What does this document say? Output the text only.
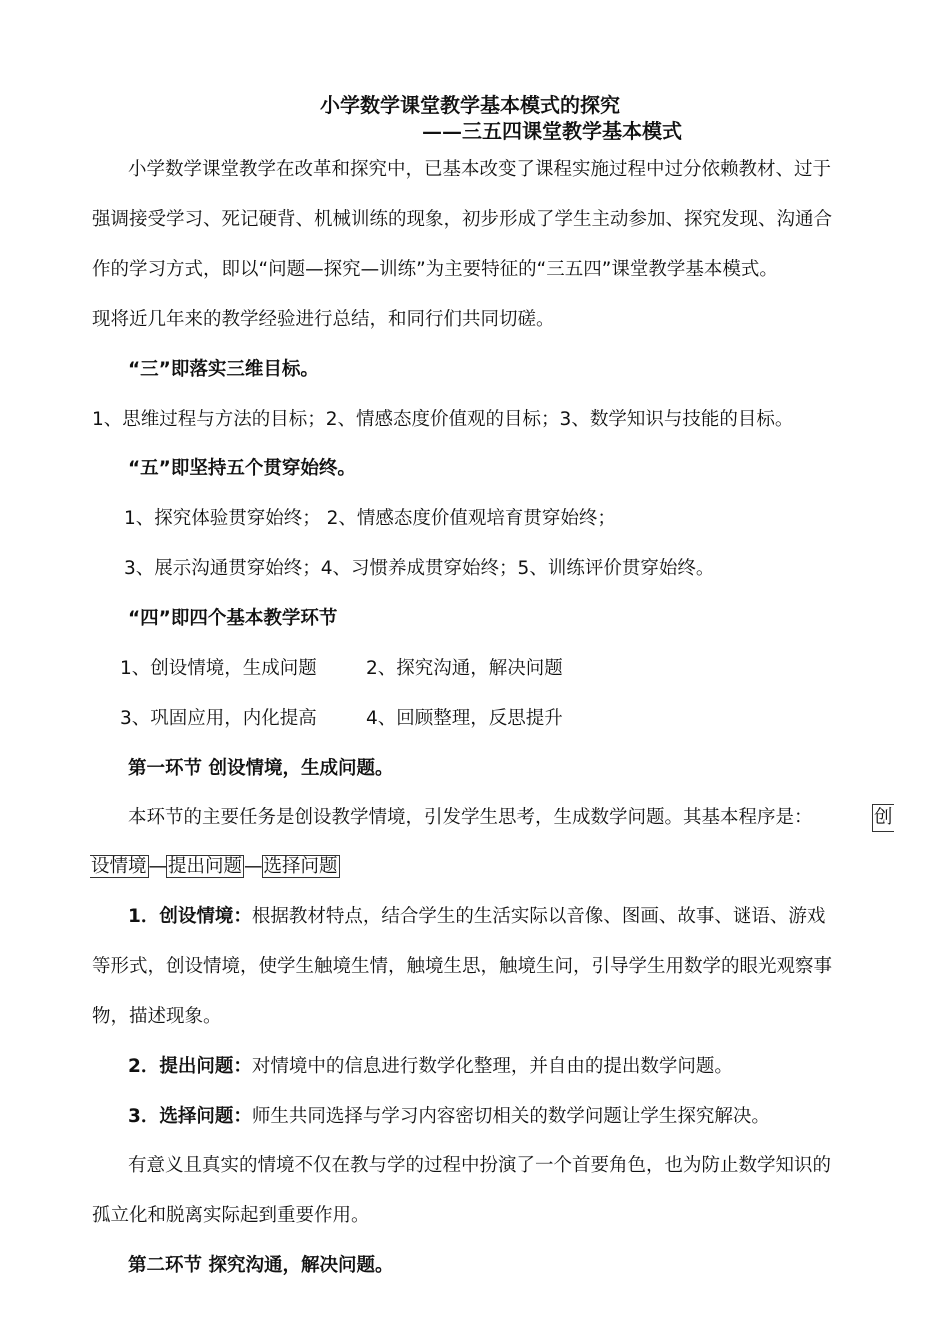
小学数学课堂教学基本模式的探究
——三五四课堂教学基本模式
小学数学课堂教学在改革和探究中，已基本改变了课程实施过程中过分依赖教材、过于
强调接受学习、死记硬背、机械训练的现象，初步形成了学生主动参加、探究发现、沟通合
作的学习方式，即以“问题—探究—训练”为主要特征的“三五四”课堂教学基本模式。
现将近几年来的教学经验进行总结，和同行们共同切磋。
“三”即落实三维目标。
1、思维过程与方法的目标；2、情感态度价值观的目标；3、数学知识与技能的目标。
“五”即坚持五个贯穿始终。
1、探究体验贯穿始终； 2、情感态度价值观培育贯穿始终；
3、展示沟通贯穿始终；4、习惯养成贯穿始终；5、训练评价贯穿始终。
“四”即四个基本教学环节
1、创设情境，生成问题	2、探究沟通，解决问题
3、巩固应用，内化提高	4、回顾整理，反思提升
第一环节 创设情境，生成问题。
本环节的主要任务是创设教学情境，引发学生思考，生成数学问题。其基本程序是：	创
设情境 — 提出问题 — 选择问题
1．创设情境：根据教材特点，结合学生的生活实际以音像、图画、故事、谜语、游戏
等形式，创设情境，使学生触境生情，触境生思，触境生问，引导学生用数学的眼光观察事
物，描述现象。
2．提出问题：对情境中的信息进行数学化整理，并自由的提出数学问题。
3．选择问题：师生共同选择与学习内容密切相关的数学问题让学生探究解决。
有意义且真实的情境不仅在教与学的过程中扮演了一个首要角色，也为防止数学知识的
孤立化和脱离实际起到重要作用。
第二环节 探究沟通，解决问题。
